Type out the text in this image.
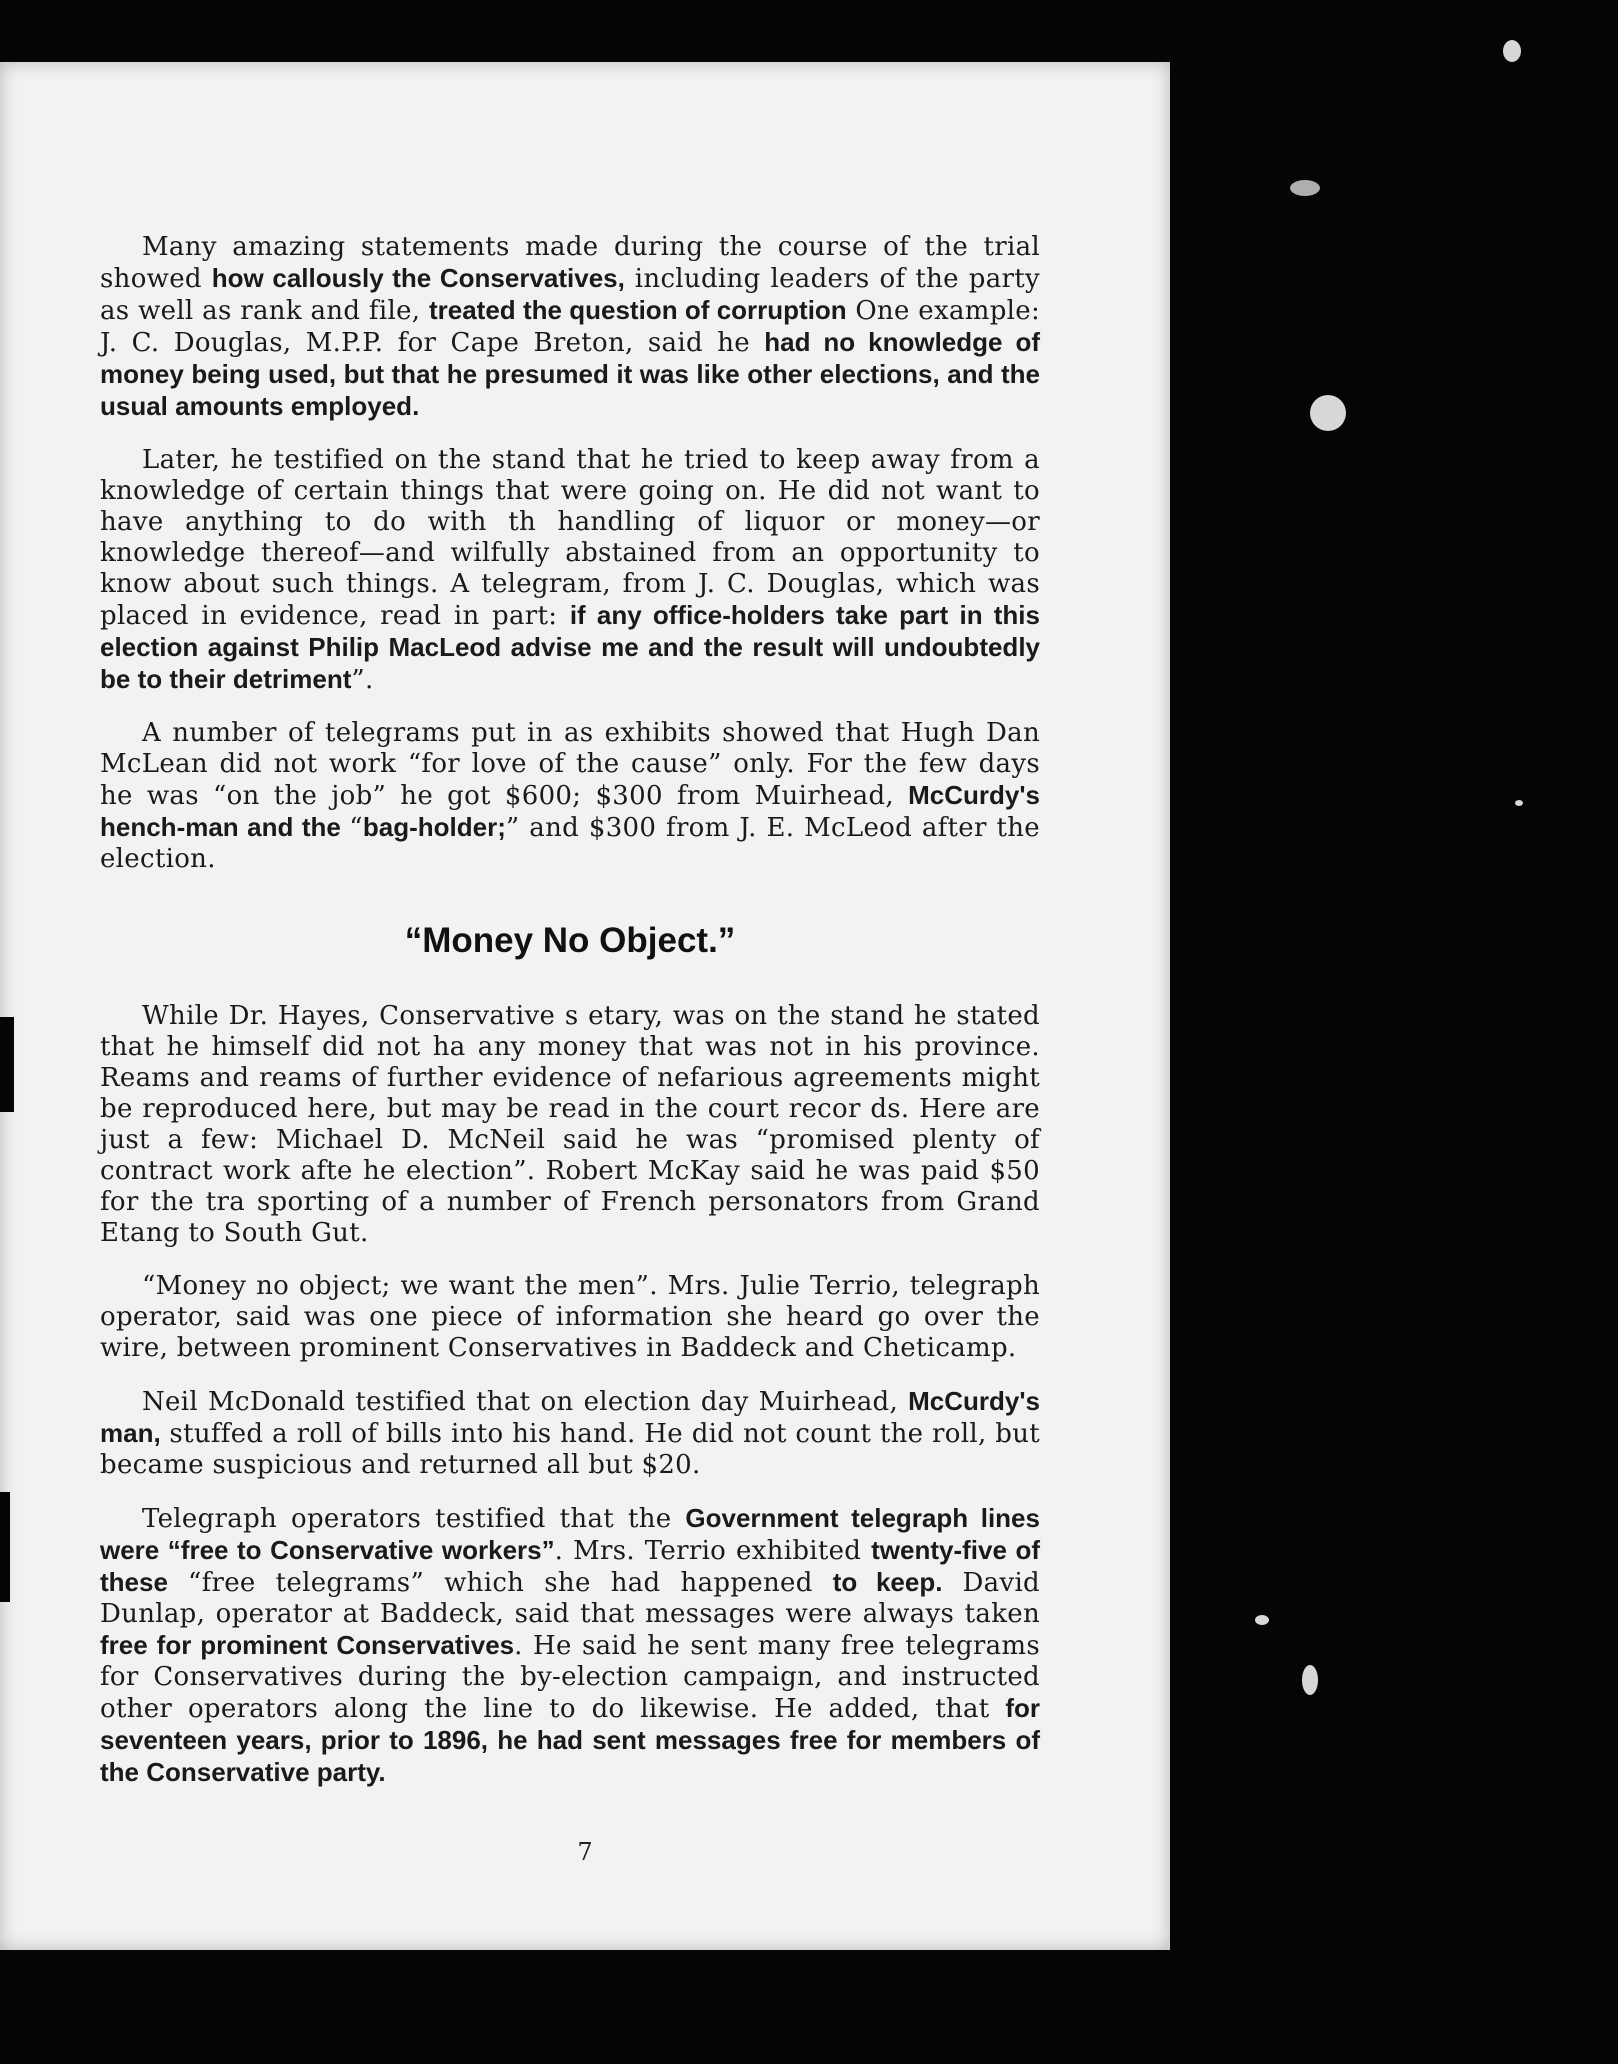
Many amazing statements made during the course of the trial showed how callously the Conservatives, including leaders of the party as well as rank and file, treated the question of corruption One example: J. C. Douglas, M.P.P. for Cape Breton, said he had no knowledge of money being used, but that he presumed it was like other elections, and the usual amounts employed.

Later, he testified on the stand that he tried to keep away from a knowledge of certain things that were going on. He did not want to have anything to do with th handling of liquor or money—or knowledge thereof—and wilfully abstained from an opportunity to know about such things. A telegram, from J. C. Douglas, which was placed in evidence, read in part: if any office-holders take part in this election against Philip MacLeod advise me and the result will undoubtedly be to their detriment”.

A number of telegrams put in as exhibits showed that Hugh Dan McLean did not work “for love of the cause” only. For the few days he was “on the job” he got $600; $300 from Muirhead, McCurdy's hench-man and the “bag-holder;” and $300 from J. E. McLeod after the election.

“Money No Object.”

While Dr. Hayes, Conservative s etary, was on the stand he stated that he himself did not ha any money that was not in his province. Reams and reams of further evidence of nefarious agreements might be reproduced here, but may be read in the court recor ds. Here are just a few: Michael D. McNeil said he was “promised plenty of contract work afte he election”. Robert McKay said he was paid $50 for the tra sporting of a number of French personators from Grand Etang to South Gut.

“Money no object; we want the men”. Mrs. Julie Terrio, telegraph operator, said was one piece of information she heard go over the wire, between prominent Conservatives in Baddeck and Cheticamp.

Neil McDonald testified that on election day Muirhead, McCurdy's man, stuffed a roll of bills into his hand. He did not count the roll, but became suspicious and returned all but $20.

Telegraph operators testified that the Government telegraph lines were “free to Conservative workers”. Mrs. Terrio exhibited twenty-five of these “free telegrams” which she had happened to keep. David Dunlap, operator at Baddeck, said that messages were always taken free for prominent Conservatives. He said he sent many free telegrams for Conservatives during the by-election campaign, and instructed other operators along the line to do likewise. He added, that for seventeen years, prior to 1896, he had sent messages free for members of the Conservative party.

7
